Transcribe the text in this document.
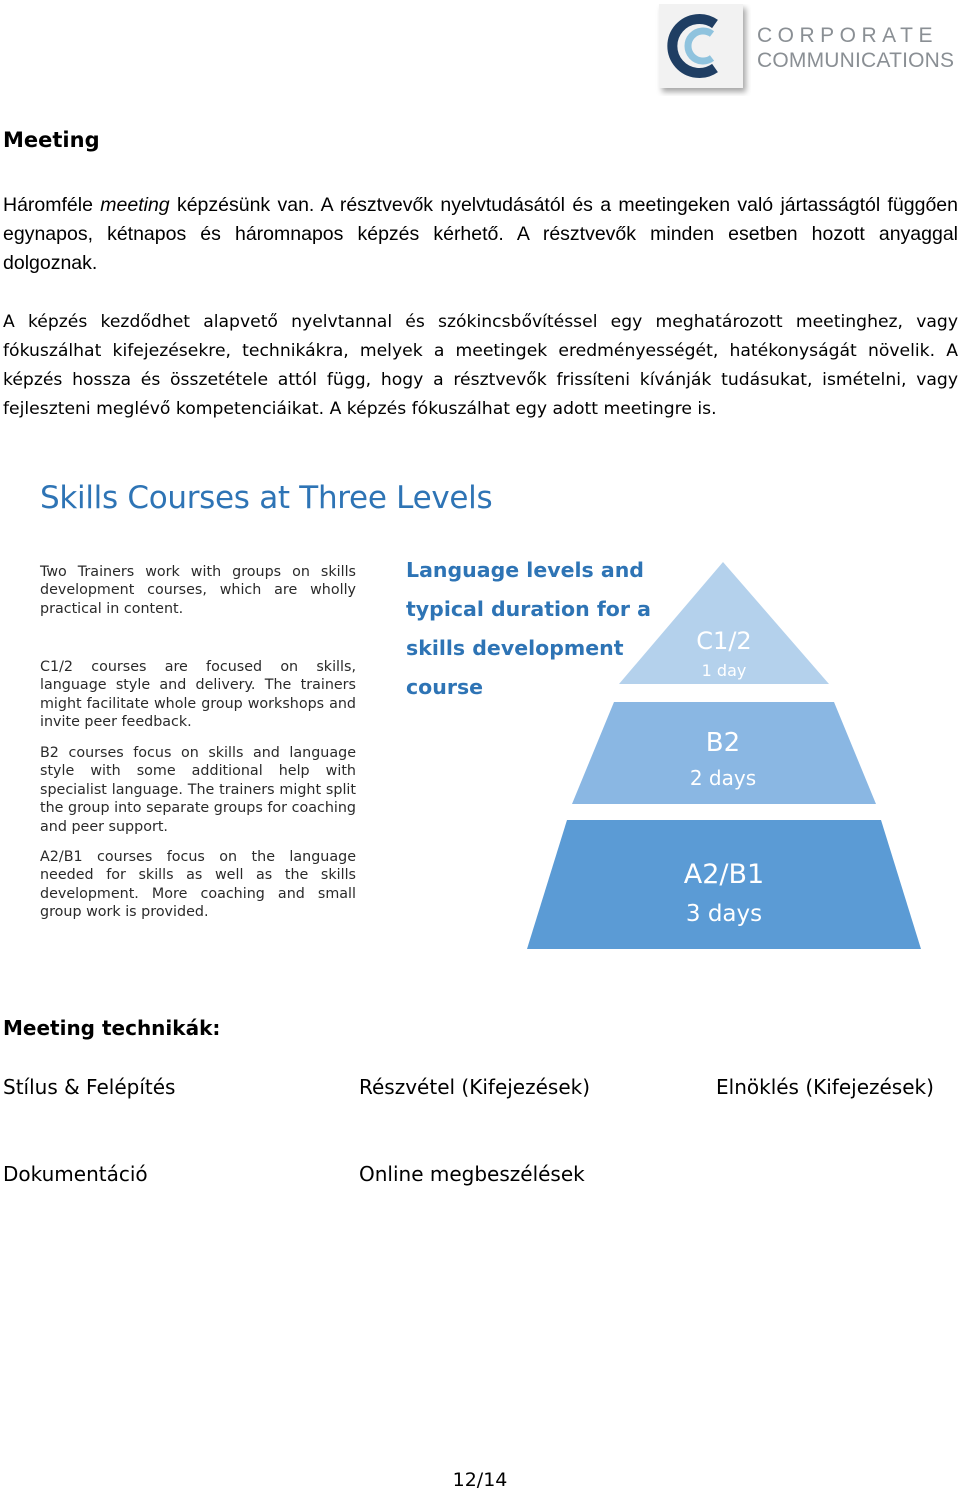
CORPORATE
COMMUNICATIONS
Meeting
Háromféle meeting képzésünk van. A résztvevők nyelvtudásától és a meetingeken való jártasságtól függően egynapos, kétnapos és háromnapos képzés kérhető. A résztvevők minden esetben hozott anyaggal dolgoznak.
A képzés kezdődhet alapvető nyelvtannal és szókincsbővítéssel egy meghatározott meetinghez, vagy fókuszálhat kifejezésekre, technikákra, melyek a meetingek eredményességét, hatékonyságát növelik. A képzés hossza és összetétele attól függ, hogy a résztvevők frissíteni kívánják tudásukat, ismételni, vagy fejleszteni meglévő kompetenciáikat. A képzés fókuszálhat egy adott meetingre is.
Skills Courses at Three Levels
Two Trainers work with groups on skills development courses, which are wholly practical in content.
C1/2 courses are focused on skills, language style and delivery. The trainers might facilitate whole group workshops and invite peer feedback.
B2 courses focus on skills and language style with some additional help with specialist language. The trainers might split the group into separate groups for coaching and peer support.
A2/B1 courses focus on the language needed for skills as well as the skills development. More coaching and small group work is provided.
Language levels and
typical duration for a
skills development
course
C1/2
1 day
B2
2 days
A2/B1
3 days
Meeting technikák:
Stílus & Felépítés	Részvétel (Kifejezések)	Elnöklés (Kifejezések)
Dokumentáció	Online megbeszélések
12/14
